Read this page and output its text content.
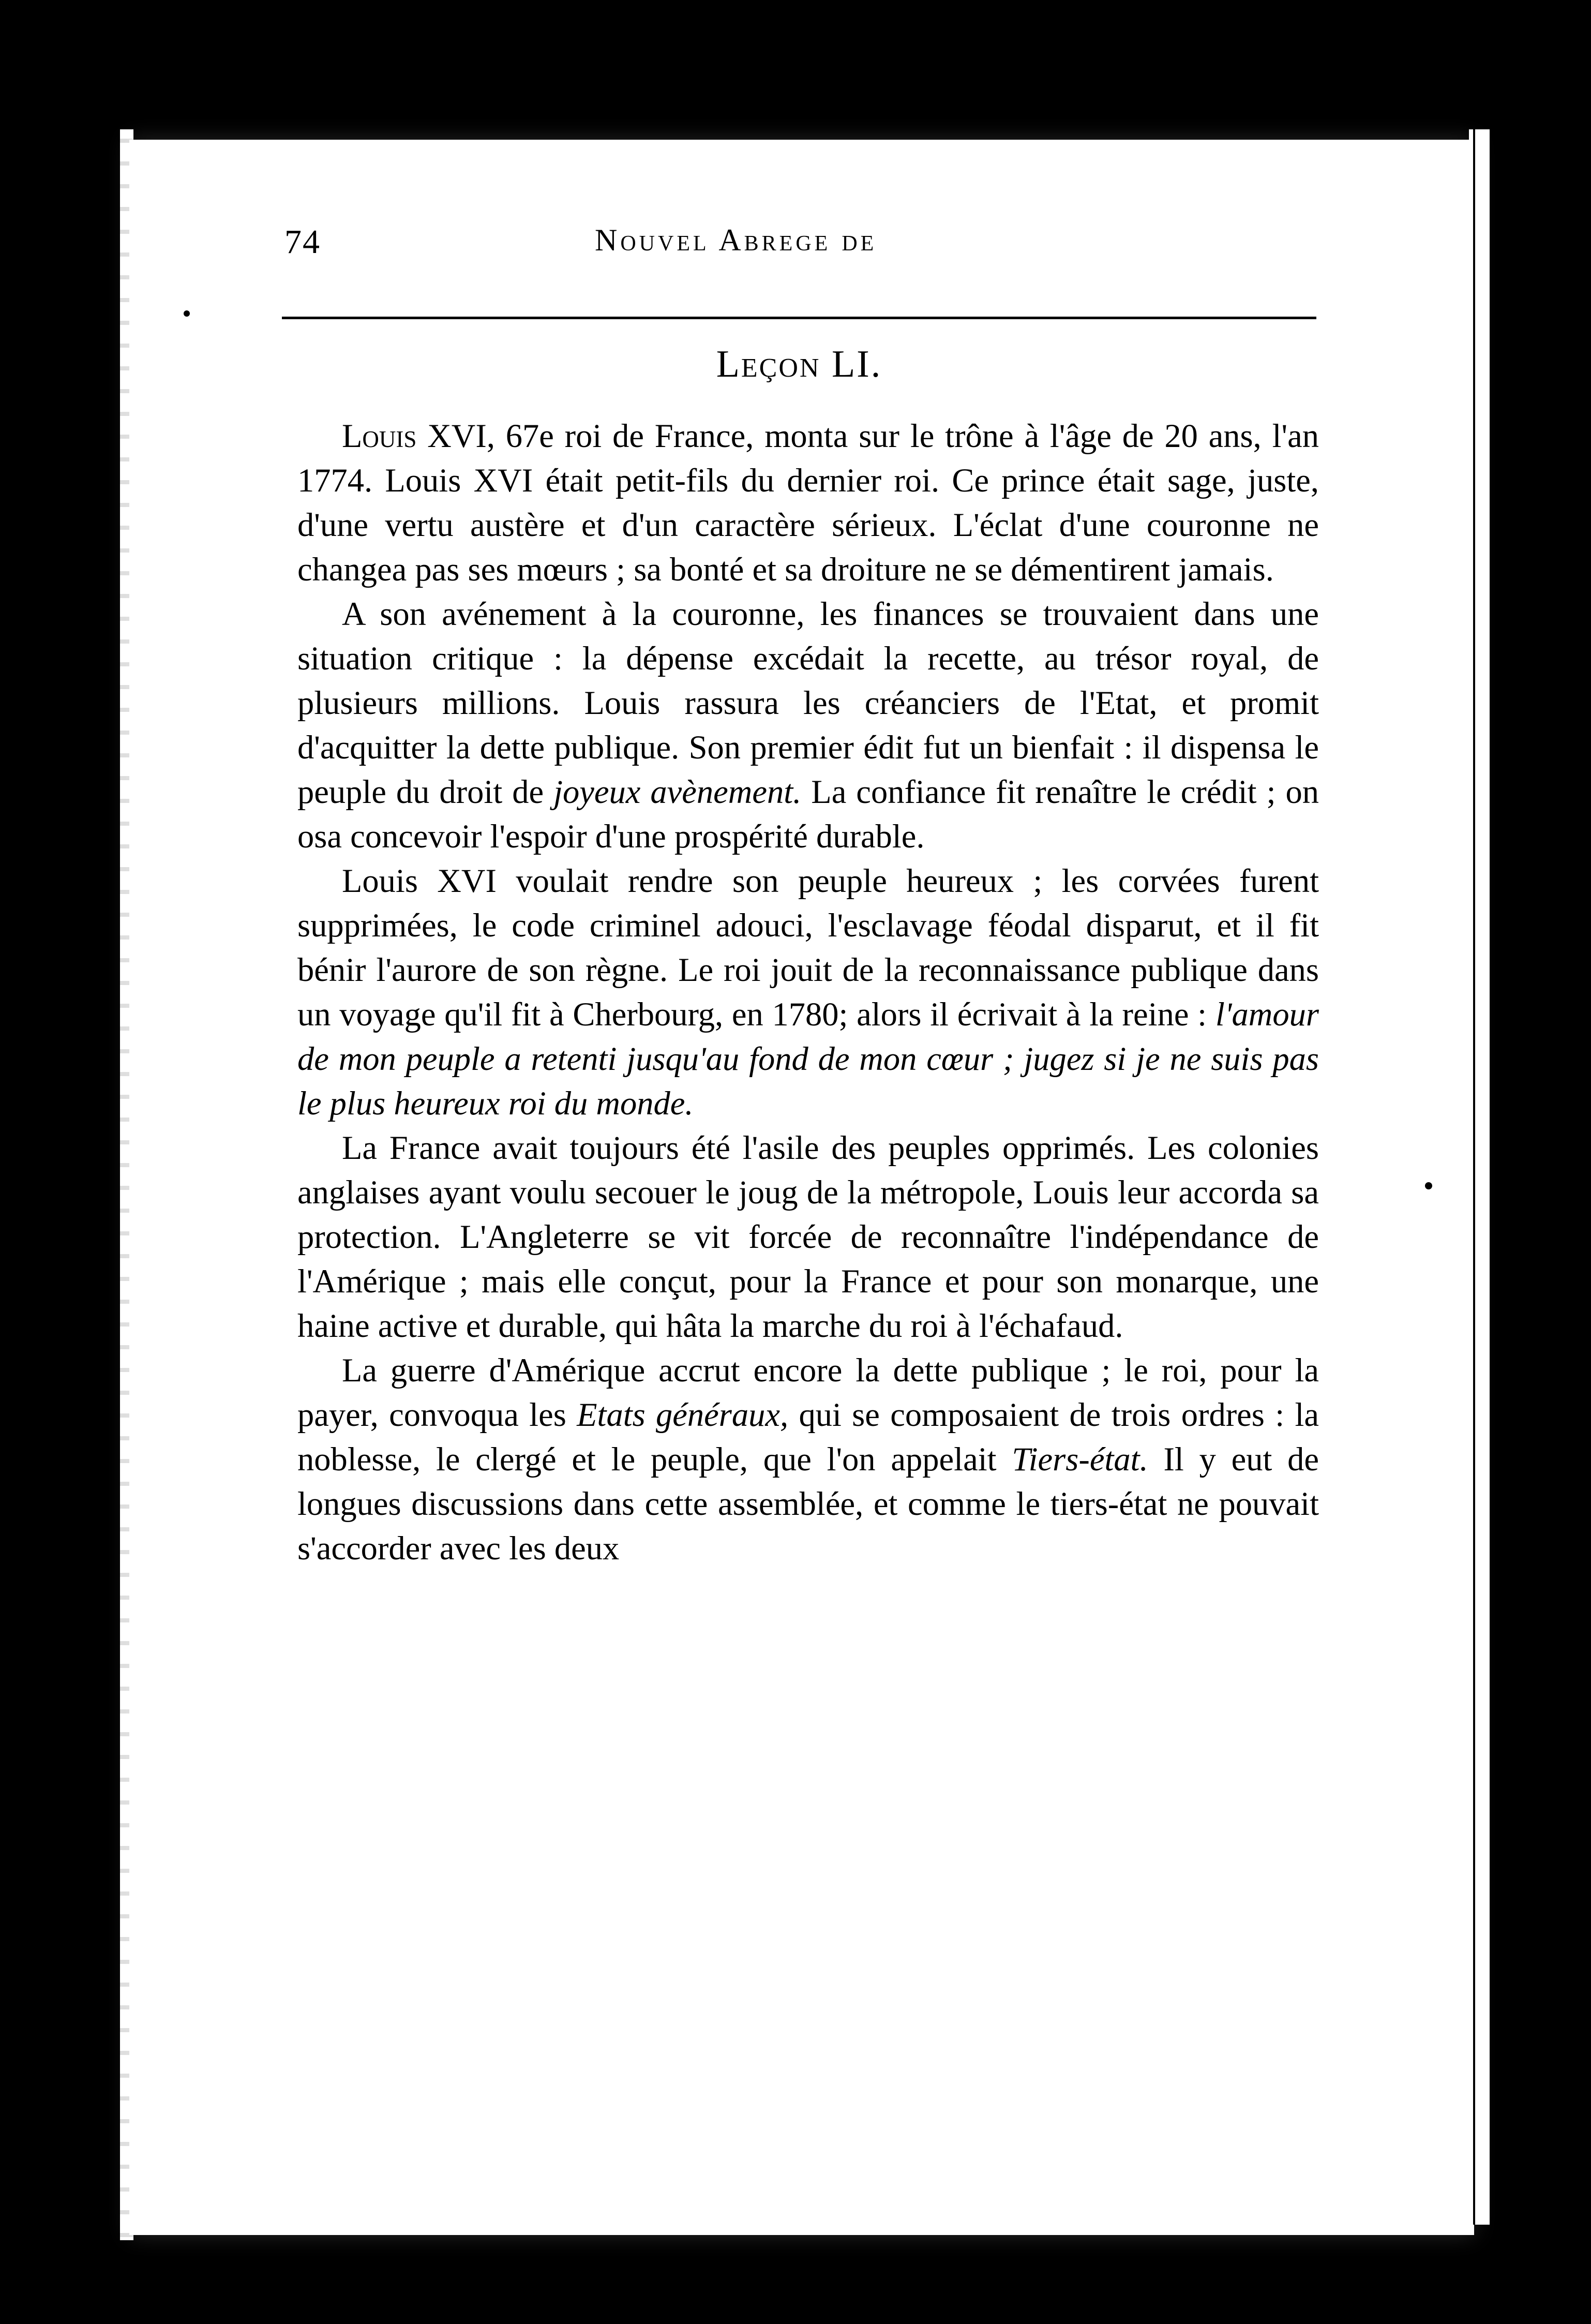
74	Nouvel Abrege de
Leçon LI.

Louis XVI, 67e roi de France, monta sur le trône à l'âge de 20 ans, l'an 1774. Louis XVI était petit-fils du dernier roi. Ce prince était sage, juste, d'une vertu austère et d'un caractère sérieux. L'éclat d'une couronne ne changea pas ses mœurs ; sa bonté et sa droiture ne se démentirent jamais.

A son avénement à la couronne, les finances se trouvaient dans une situation critique : la dépense excédait la recette, au trésor royal, de plusieurs millions. Louis rassura les créanciers de l'Etat, et promit d'acquitter la dette publique. Son premier édit fut un bienfait : il dispensa le peuple du droit de joyeux avènement. La confiance fit renaître le crédit ; on osa concevoir l'espoir d'une prospérité durable.

Louis XVI voulait rendre son peuple heureux ; les corvées furent supprimées, le code criminel adouci, l'esclavage féodal disparut, et il fit bénir l'aurore de son règne. Le roi jouit de la reconnaissance publique dans un voyage qu'il fit à Cherbourg, en 1780; alors il écrivait à la reine : l'amour de mon peuple a retenti jusqu'au fond de mon cœur ; jugez si je ne suis pas le plus heureux roi du monde.

La France avait toujours été l'asile des peuples opprimés. Les colonies anglaises ayant voulu secouer le joug de la métropole, Louis leur accorda sa protection. L'Angleterre se vit forcée de reconnaître l'indépendance de l'Amérique ; mais elle conçut, pour la France et pour son monarque, une haine active et durable, qui hâta la marche du roi à l'échafaud.

La guerre d'Amérique accrut encore la dette publique ; le roi, pour la payer, convoqua les Etats généraux, qui se composaient de trois ordres : la noblesse, le clergé et le peuple, que l'on appelait Tiers-état. Il y eut de longues discussions dans cette assemblée, et comme le tiers-état ne pouvait s'accorder avec les deux
